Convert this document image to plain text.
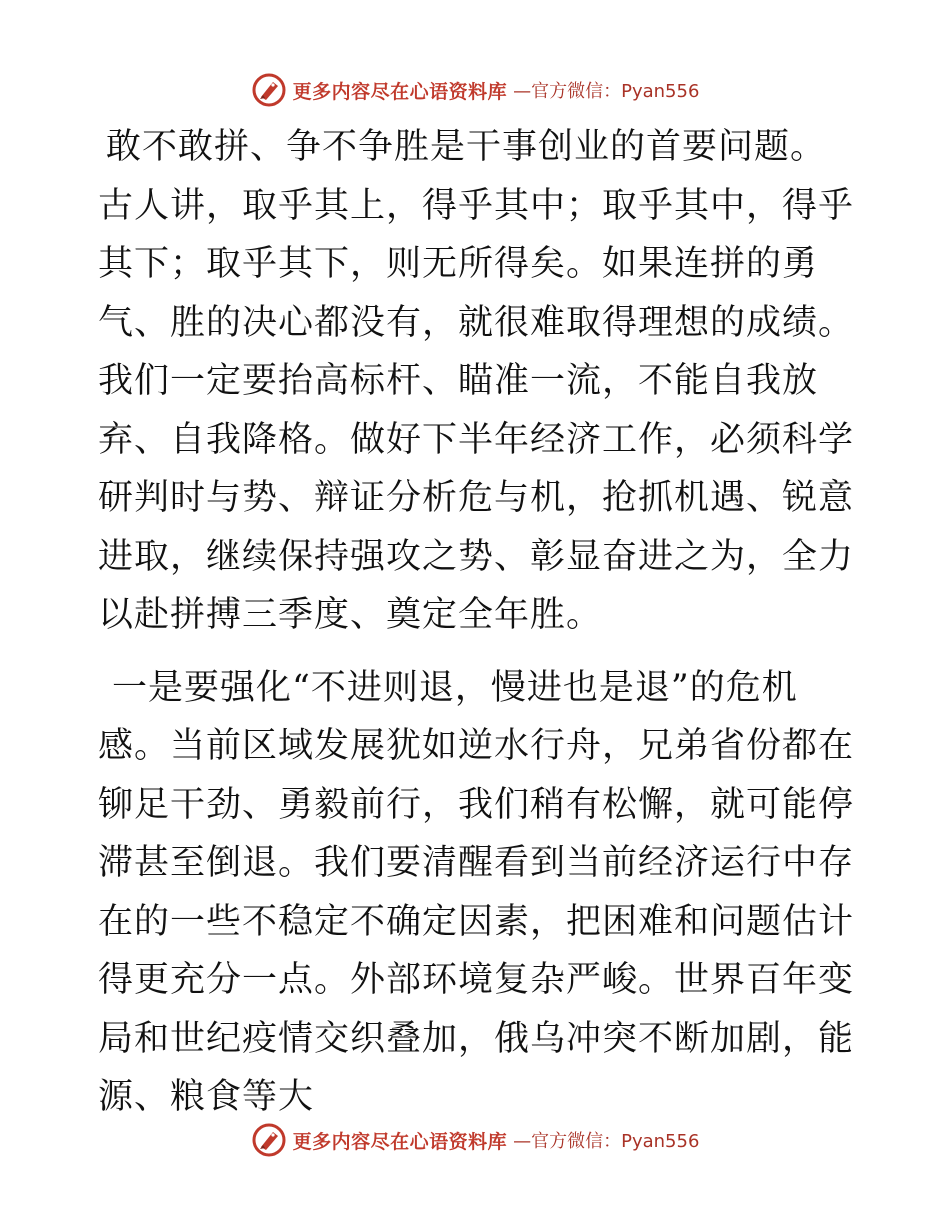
更多内容尽在心语资料库 —官方微信：Pyan556

敢不敢拼、争不争胜是干事创业的首要问题。古人讲，取乎其上，得乎其中；取乎其中，得乎其下；取乎其下，则无所得矣。如果连拼的勇气、胜的决心都没有，就很难取得理想的成绩。我们一定要抬高标杆、瞄准一流，不能自我放弃、自我降格。做好下半年经济工作，必须科学研判时与势、辩证分析危与机，抢抓机遇、锐意进取，继续保持强攻之势、彰显奋进之为，全力以赴拼搏三季度、奠定全年胜。

一是要强化“不进则退，慢进也是退”的危机感。当前区域发展犹如逆水行舟，兄弟省份都在铆足干劲、勇毅前行，我们稍有松懈，就可能停滞甚至倒退。我们要清醒看到当前经济运行中存在的一些不稳定不确定因素，把困难和问题估计得更充分一点。外部环境复杂严峻。世界百年变局和世纪疫情交织叠加，俄乌冲突不断加剧，能源、粮食等大

更多内容尽在心语资料库 —官方微信：Pyan556
